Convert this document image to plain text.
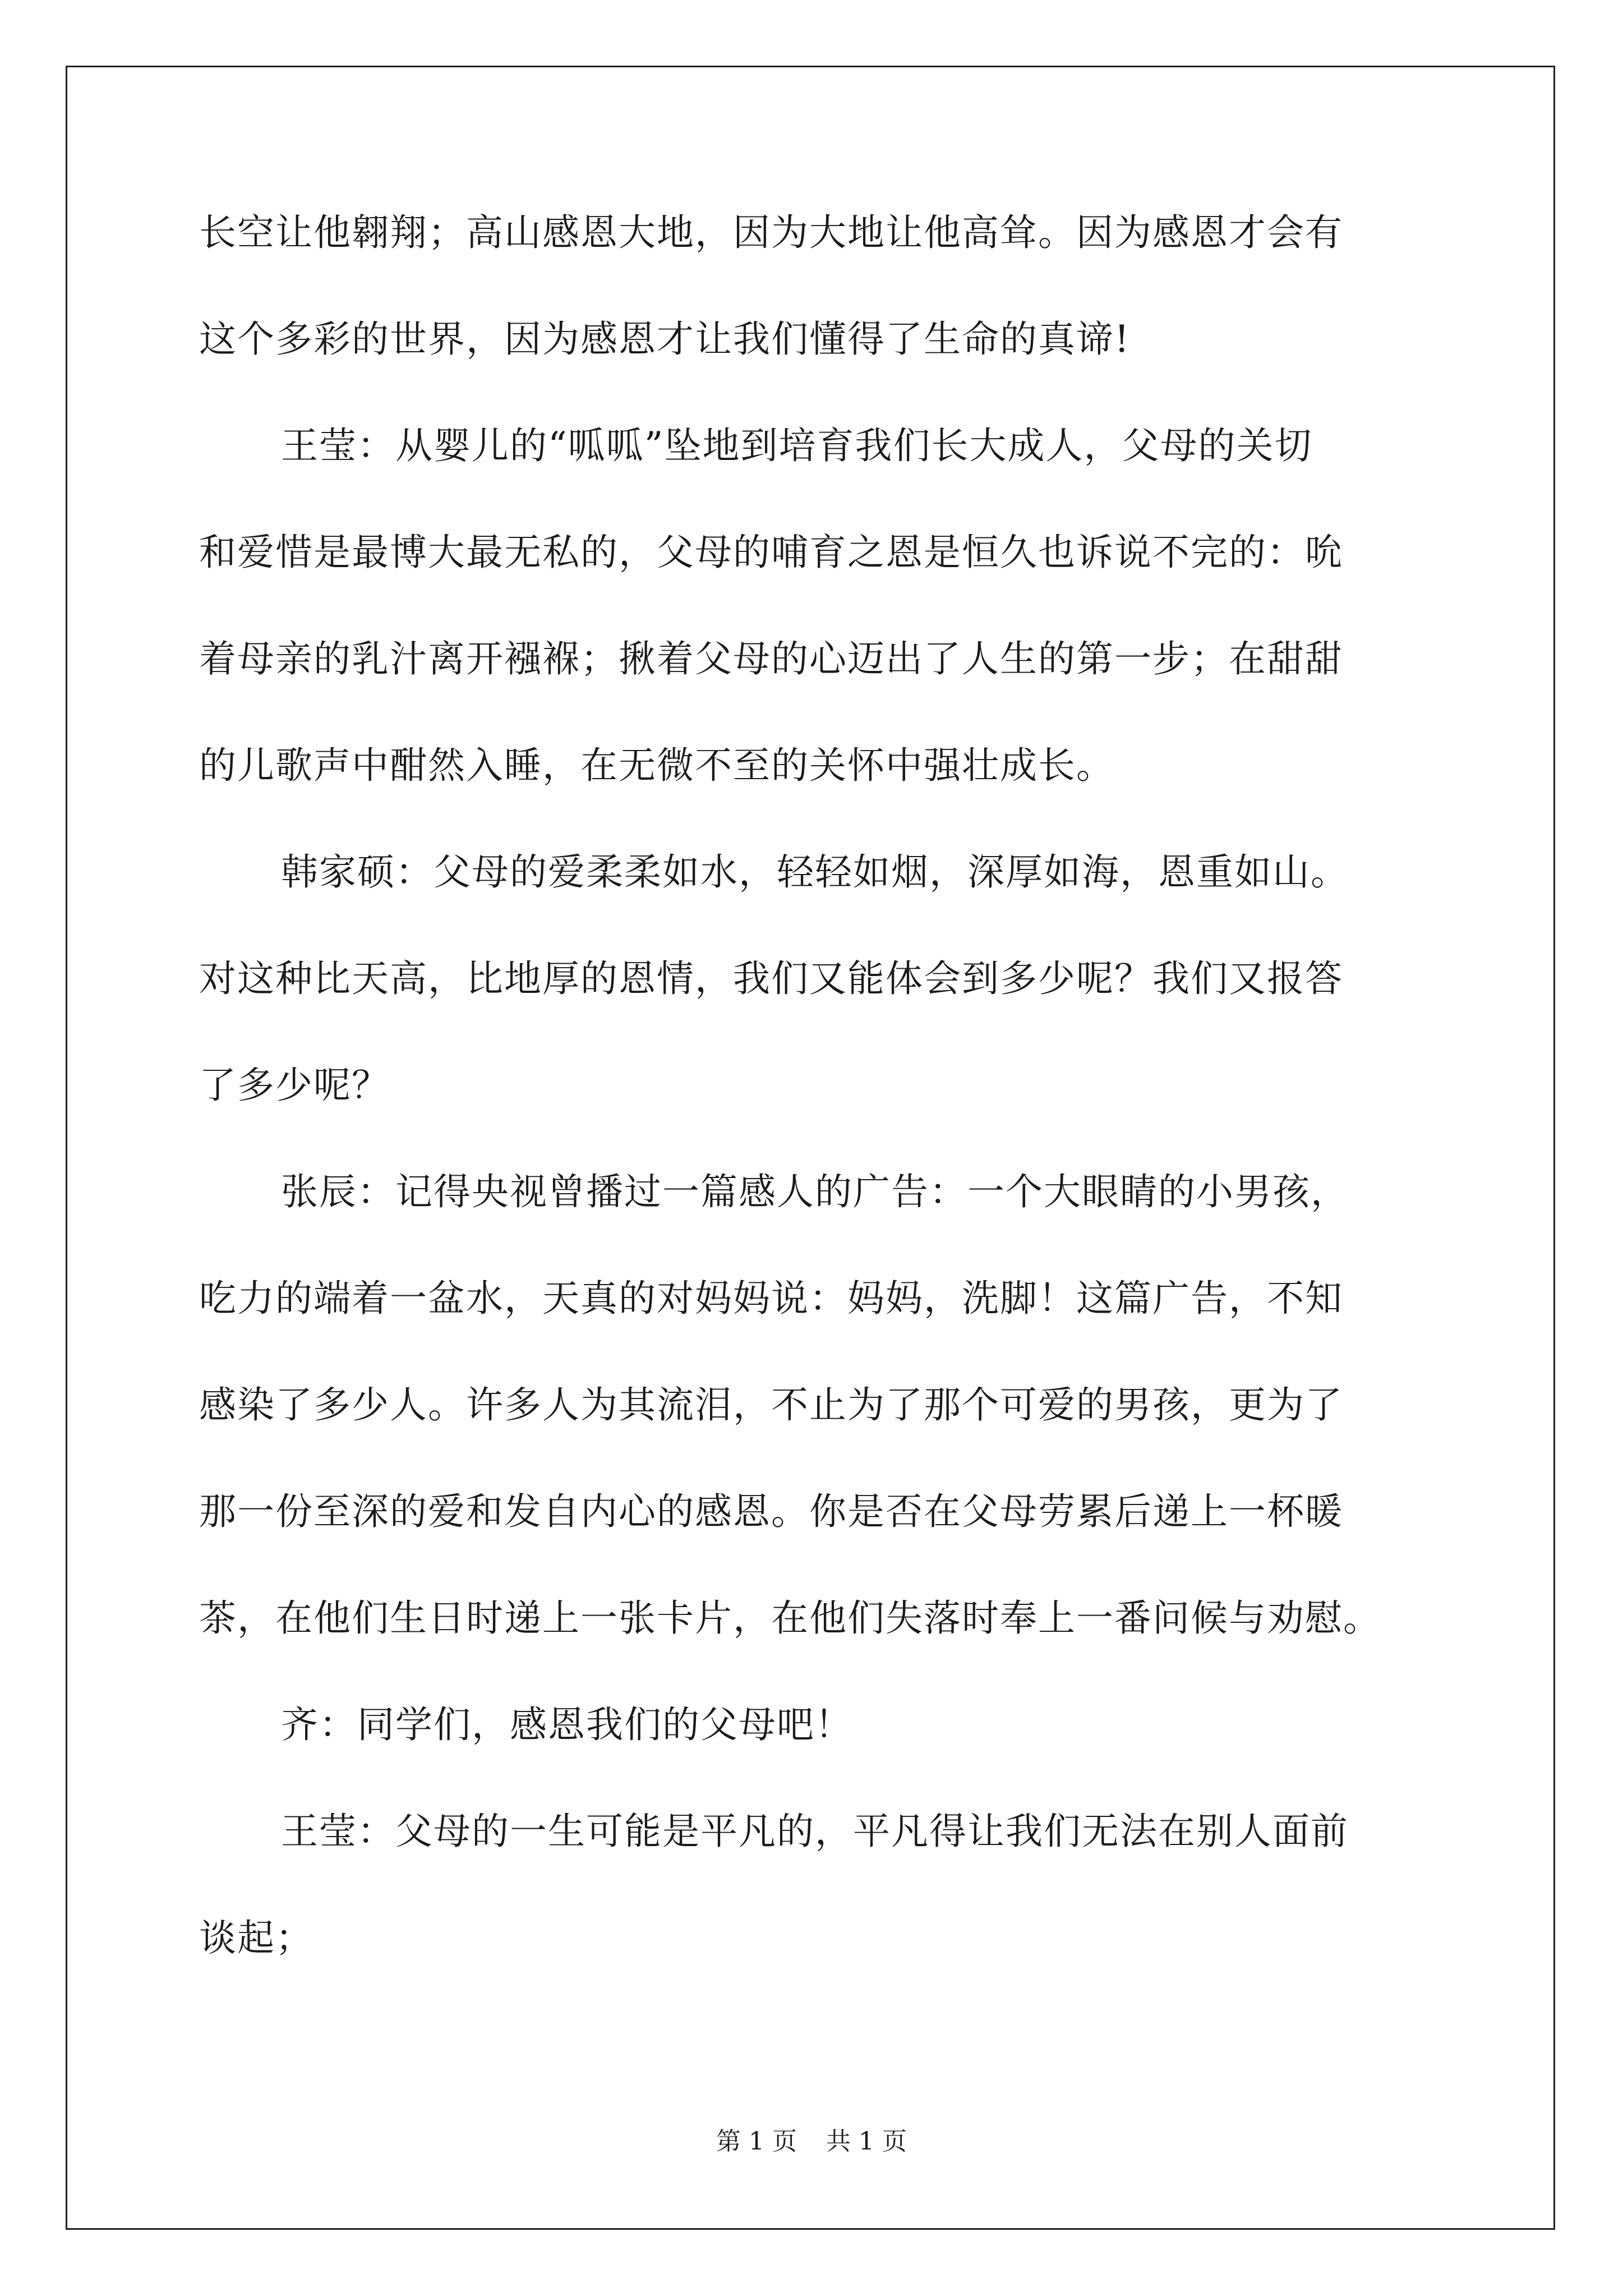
长空让他翱翔；高山感恩大地，因为大地让他高耸。因为感恩才会有
这个多彩的世界，因为感恩才让我们懂得了生命的真谛!
王莹：从婴儿的“呱呱”坠地到培育我们长大成人，父母的关切
和爱惜是最博大最无私的，父母的哺育之恩是恒久也诉说不完的：吮
着母亲的乳汁离开襁褓；揪着父母的心迈出了人生的第一步；在甜甜
的儿歌声中酣然入睡，在无微不至的关怀中强壮成长。
韩家硕：父母的爱柔柔如水，轻轻如烟，深厚如海，恩重如山。
对这种比天高，比地厚的恩情，我们又能体会到多少呢？我们又报答
了多少呢？
张辰：记得央视曾播过一篇感人的广告：一个大眼睛的小男孩，
吃力的端着一盆水，天真的对妈妈说：妈妈，洗脚！这篇广告，不知
感染了多少人。许多人为其流泪，不止为了那个可爱的男孩，更为了
那一份至深的爱和发自内心的感恩。你是否在父母劳累后递上一杯暖
茶，在他们生日时递上一张卡片，在他们失落时奉上一番问候与劝慰。
齐：同学们，感恩我们的父母吧！
王莹：父母的一生可能是平凡的，平凡得让我们无法在别人面前
谈起；
第 1 页 共 1 页
